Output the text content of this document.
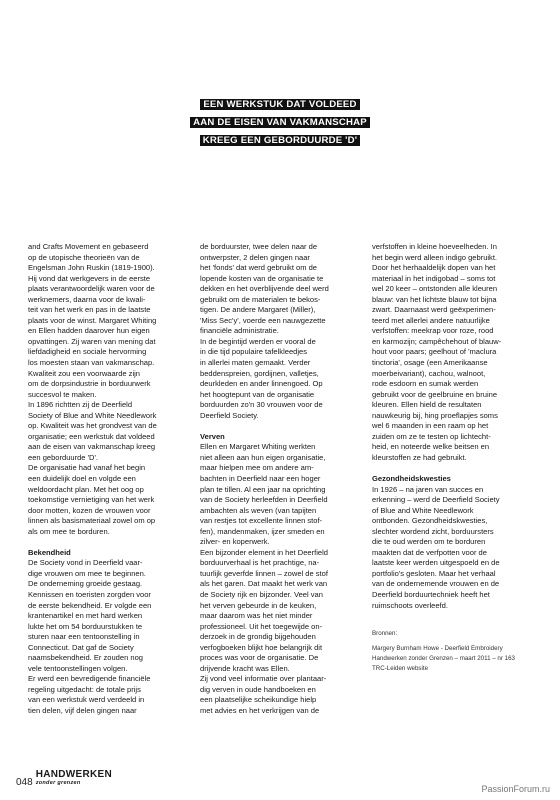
EEN WERKSTUK DAT VOLDEED
AAN DE EISEN VAN VAKMANSCHAP
KREEG EEN GEBORDUURDE 'D'

and Crafts Movement en gebaseerd

op de utopische theorieën van de

Engelsman John Ruskin (1819-1900).

Hij vond dat werkgevers in de eerste

plaats verantwoordelijk waren voor de

werknemers, daarna voor de kwali-

teit van het werk en pas in de laatste

plaats voor de winst. Margaret Whiting

en Ellen hadden daarover hun eigen

opvattingen. Zij waren van mening dat

liefdadigheid en sociale hervorming

los moesten staan van vakmanschap.

Kwaliteit zou een voorwaarde zijn

om de dorpsindustrie in borduurwerk

succesvol te maken.

In 1896 richtten zij de Deerfield

Society of Blue and White Needlework

op. Kwaliteit was het grondvest van de

organisatie; een werkstuk dat voldeed

aan de eisen van vakmanschap kreeg

een geborduurde 'D'.

De organisatie had vanaf het begin

een duidelijk doel en volgde een

weldoordacht plan. Met het oog op

toekomstige vernietiging van het werk

door motten, kozen de vrouwen voor

linnen als basismateriaal zowel om op

als om mee te borduren.

Bekendheid

De Society vond in Deerfield vaar-

dige vrouwen om mee te beginnen.

De onderneming groeide gestaag.

Kennissen en toeristen zorgden voor

de eerste bekendheid. Er volgde een

krantenartikel en met hard werken

lukte het om 54 borduurstukken te

sturen naar een tentoonstelling in

Connecticut. Dat gaf de Society

naamsbekendheid. Er zouden nog

vele tentoonstellingen volgen.

Er werd een bevredigende financiële

regeling uitgedacht: de totale prijs

van een werkstuk werd verdeeld in

tien delen, vijf delen gingen naar

de borduurster, twee delen naar de

ontwerpster, 2 delen gingen naar

het 'fonds' dat werd gebruikt om de

lopende kosten van de organisatie te

dekken en het overblijvende deel werd

gebruikt om de materialen te bekos-

tigen. De andere Margaret (Miller),

'Miss Sec'y', voerde een nauwgezette

financiële administratie.

In de begintijd werden er vooral de

in die tijd populaire tafelkleedjes

in allerlei maten gemaakt. Verder

beddenspreien, gordijnen, valletjes,

deurkleden en ander linnengoed. Op

het hoogtepunt van de organisatie

borduurden zo'n 30 vrouwen voor de

Deerfield Society.

Verven

Ellen en Margaret Whiting werkten

niet alleen aan hun eigen organisatie,

maar hielpen mee om andere am-

bachten in Deerfield naar een hoger

plan te tillen. Al een jaar na oprichting

van de Society herleefden in Deerfield

ambachten als weven (van tapijten

van restjes tot excellente linnen stof-

fen), mandenmaken, ijzer smeden en

zilver- en koperwerk.

Een bijzonder element in het Deerfield

borduurverhaal is het prachtige, na-

tuurlijk geverfde linnen – zowel de stof

als het garen. Dat maakt het werk van

de Society rijk en bijzonder. Veel van

het verven gebeurde in de keuken,

maar daarom was het niet minder

professioneel. Uit het toegewijde on-

derzoek in de grondig bijgehouden

verfogboeken blijkt hoe belangrijk dit

proces was voor de organisatie. De

drijvende kracht was Ellen.

Zij vond veel informatie over plantaar-

dig verven in oude handboeken en

een plaatselijke scheikundige hielp

met advies en het verkrijgen van de

verfstoffen in kleine hoeveelheden. In

het begin werd alleen indigo gebruikt.

Door het herhaaldelijk dopen van het

materiaal in het indigobad – soms tot

wel 20 keer – ontstonden alle kleuren

blauw: van het lichtste blauw tot bijna

zwart. Daarnaast werd geëxperimen-

teerd met allerlei andere natuurlijke

verfstoffen: meekrap voor roze, rood

en karmozijn; campêchehout of blauw-

hout voor paars; geelhout of 'maclura

tinctoria', osage (een Amerikaanse

moerbeivariant), cachou, walnoot,

rode esdoorn en sumak werden

gebruikt voor de geelbruine en bruine

kleuren. Ellen hield de resultaten

nauwkeurig bij, hing proeflapjes soms

wel 6 maanden in een raam op het

zuiden om ze te testen op lichtecht-

heid, en noteerde welke beitsen en

kleurstoffen ze had gebruikt.

Gezondheidskwesties

In 1926 – na jaren van succes en

erkenning – werd de Deerfield Society

of Blue and White Needlework

ontbonden. Gezondheidskwesties,

slechter wordend zicht, borduursters

die te oud werden om te borduren

maakten dat de verfpotten voor de

laatste keer werden uitgespoeld en de

portfolio's gesloten. Maar het verhaal

van de ondernemende vrouwen en de

Deerfield borduurtechniek heeft het

ruimschoots overleefd.

Bronnen:
Margery Burnham Howe - Deerfield Embroidery
Handwerken zonder Grenzen – maart 2011 – nr 163
TRC-Leiden website
048
HANDWERKEN
zonder grenzen
PassionForum.ru
